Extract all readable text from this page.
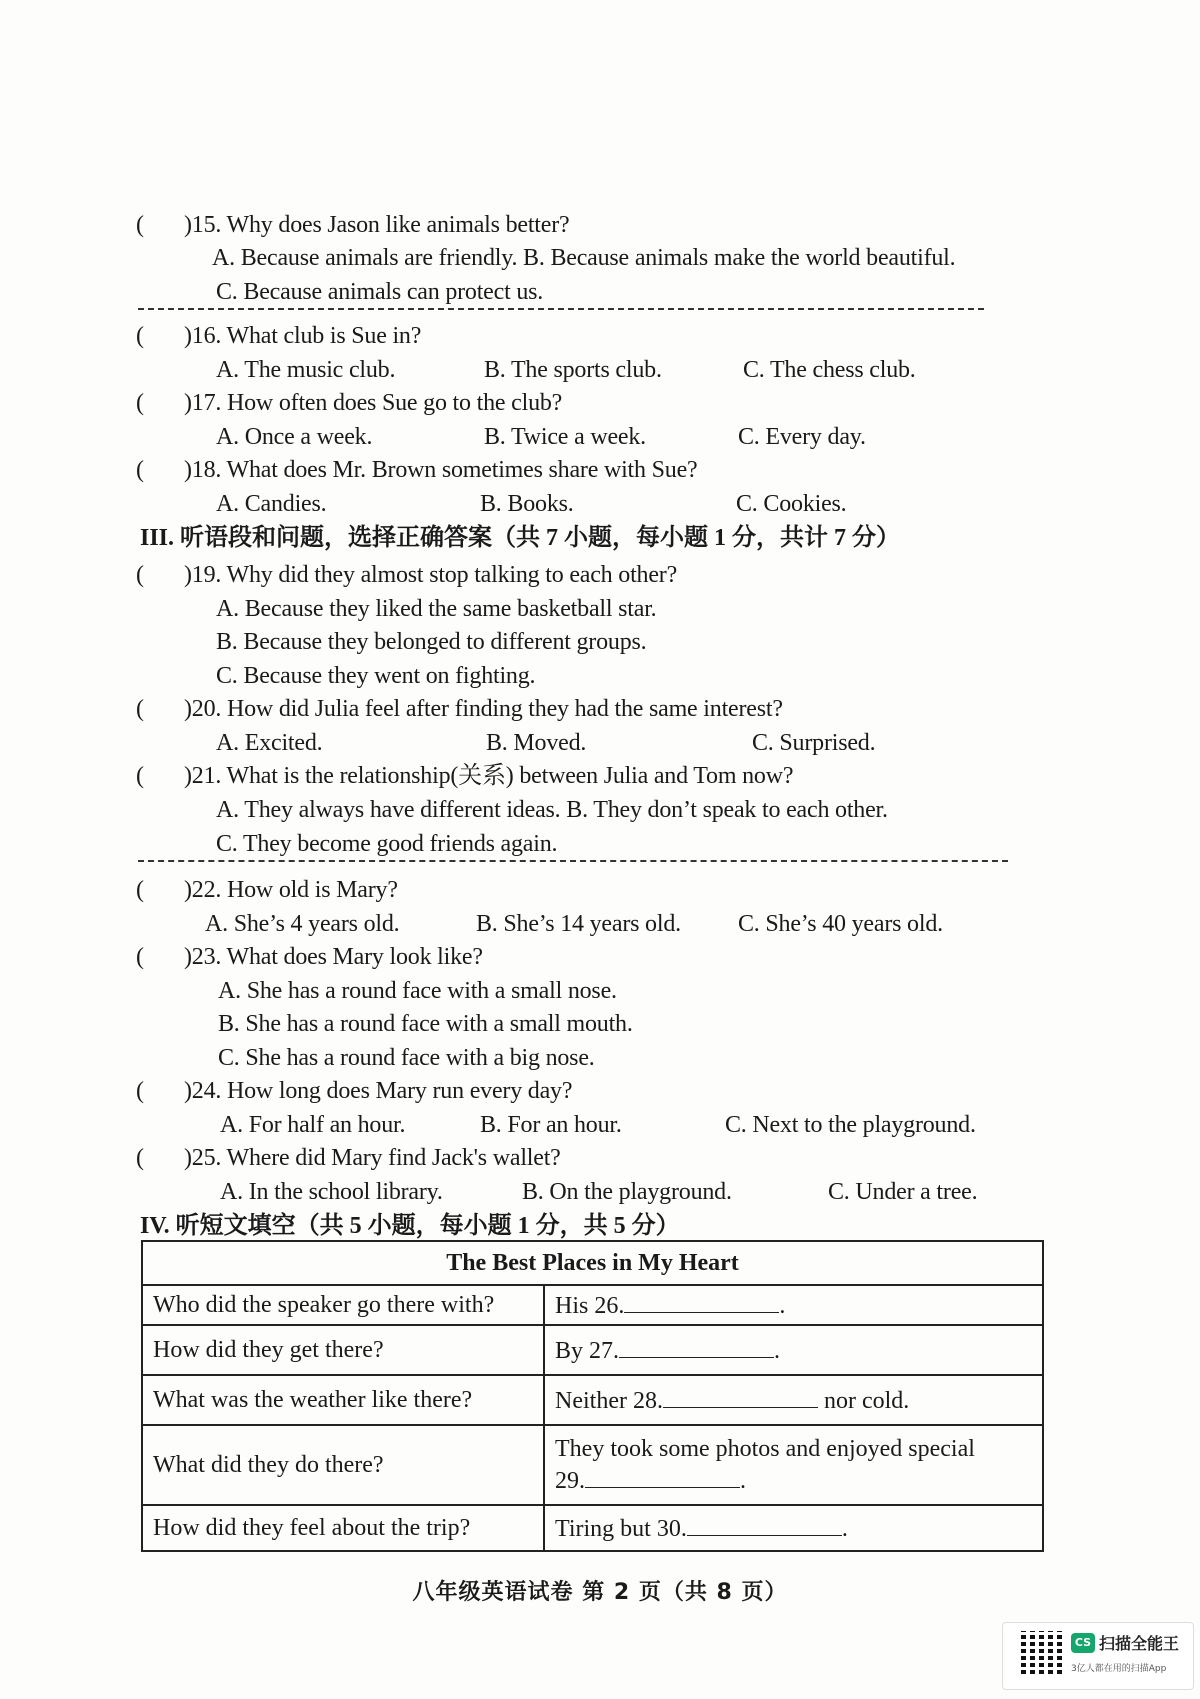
( )15. Why does Jason like animals better?
A. Because animals are friendly. B. Because animals make the world beautiful.
C. Because animals can protect us.
( )16. What club is Sue in?
A. The music club.	B. The sports club.	C. The chess club.
( )17. How often does Sue go to the club?
A. Once a week.	B. Twice a week.	C. Every day.
( )18. What does Mr. Brown sometimes share with Sue?
A. Candies.	B. Books.	C. Cookies.
III. 听语段和问题，选择正确答案（共 7 小题，每小题 1 分，共计 7 分）
( )19. Why did they almost stop talking to each other?
A. Because they liked the same basketball star.
B. Because they belonged to different groups.
C. Because they went on fighting.
( )20. How did Julia feel after finding they had the same interest?
A. Excited.	B. Moved.	C. Surprised.
( )21. What is the relationship(关系) between Julia and Tom now?
A. They always have different ideas. B. They don’t speak to each other.
C. They become good friends again.
( )22. How old is Mary?
A. She’s 4 years old.	B. She’s 14 years old. C. She’s 40 years old.
( )23. What does Mary look like?
A. She has a round face with a small nose.
B. She has a round face with a small mouth.
C. She has a round face with a big nose.
( )24. How long does Mary run every day?
A. For half an hour.	B. For an hour.	C. Next to the playground.
( )25. Where did Mary find Jack's wallet?
A. In the school library.	B. On the playground.	C. Under a tree.
IV. 听短文填空（共 5 小题，每小题 1 分，共 5 分）
The Best Places in My Heart	
Who did the speaker go there with?	His 26. .
How did they get there?	By 27. .
What was the weather like there?	Neither 28. nor cold.
What did they do there?	They took some photos and enjoyed special
29. .
How did they feel about the trip?	Tiring but 30. .
八年级英语试卷 第 2 页（共 8 页）
CS 扫描全能王
3亿人都在用的扫描App
